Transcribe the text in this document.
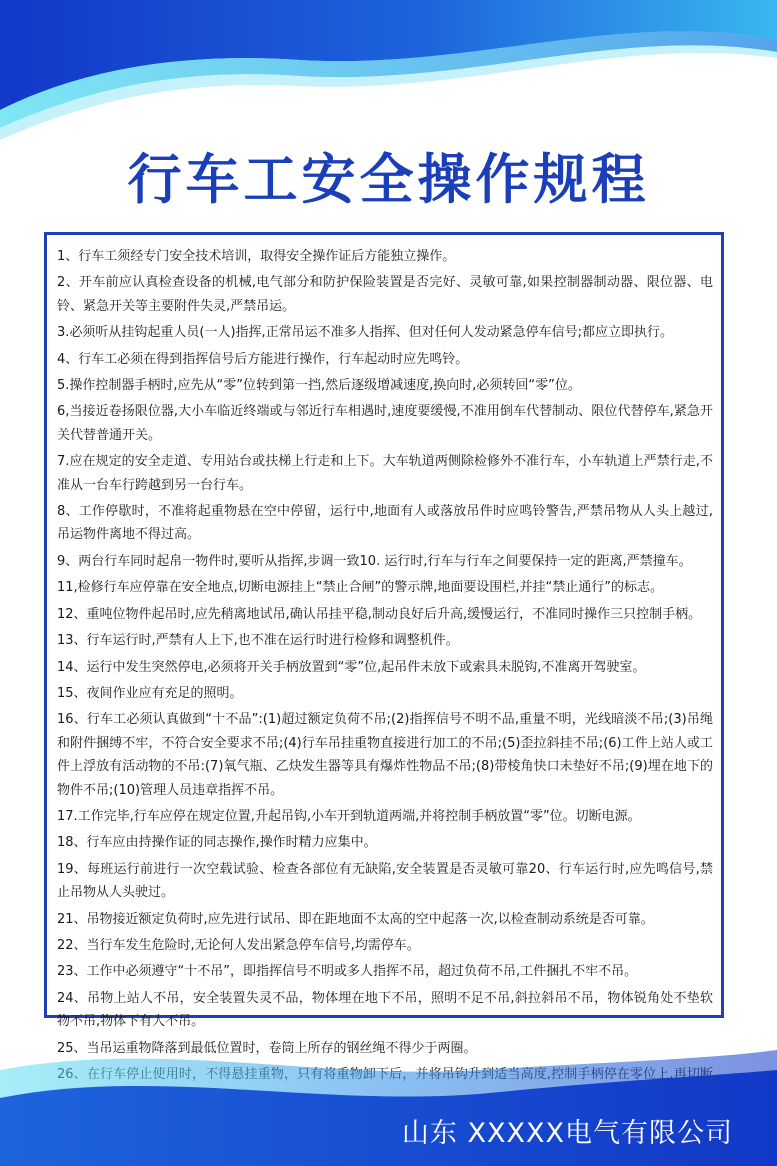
行车工安全操作规程

1、行车工须经专门安全技术培训，取得安全操作证后方能独立操作。

2、开车前应认真检查设备的机械,电气部分和防护保险装置是否完好、灵敏可靠,如果控制器制动器、限位器、电铃、紧急开关等主要附件失灵,严禁吊运。

3.必须听从挂钩起重人员(一人)指挥,正常吊运不准多人指挥、但对任何人发动紧急停车信号;都应立即执行。

4、行车工必须在得到指挥信号后方能进行操作，行车起动时应先鸣铃。

5.操作控制器手柄时,应先从“零”位转到第一挡,然后逐级增减速度,换向时,必须转回“零”位。

6,当接近卷扬限位器,大小车临近终端或与邻近行车相遇时,速度要缓慢,不准用倒车代替制动、限位代替停车,紧急开关代替普通开关。

7.应在规定的安全走道、专用站台或扶梯上行走和上下。大车轨道两侧除检修外不准行车，小车轨道上严禁行走,不准从一台车行跨越到另一台行车。

8、工作停歇时，不准将起重物悬在空中停留，运行中,地面有人或落放吊件时应鸣铃警告,严禁吊物从人头上越过,吊运物件离地不得过高。

9、两台行车同时起帛一物件时,要听从指挥,步调一致10. 运行时,行车与行车之间要保持一定的距离,严禁撞车。

11,检修行车应停靠在安全地点,切断电源挂上“禁止合闸”的警示牌,地面要设围栏,并挂“禁止通行”的标志。

12、重吨位物件起吊时,应先稍离地试吊,确认吊挂平稳,制动良好后升高,缓慢运行，不准同时操作三只控制手柄。

13、行车运行时,严禁有人上下,也不准在运行时进行检修和调整机件。

14、运行中发生突然停电,必须将开关手柄放置到“零”位,起吊件未放下或索具未脱钩,不准离开驾驶室。

15、夜间作业应有充足的照明。

16、行车工必须认真做到“十不品”:(1)超过额定负荷不吊;(2)指挥信号不明不品,重量不明，光线暗淡不吊;(3)吊绳和附件捆缚不牢，不符合安全要求不吊;(4)行车吊挂重物直接进行加工的不吊;(5)歪拉斜挂不吊;(6)工件上站人或工件上浮放有活动物的不吊:(7)氧气瓶、乙炔发生器等具有爆炸性物品不吊;(8)带棱角快口未垫好不吊;(9)埋在地下的物件不吊;(10)管理人员违章指挥不吊。

17.工作完毕,行车应停在规定位置,升起吊钩,小车开到轨道两端,并将控制手柄放置“零”位。切断电源。

18、行车应由持操作证的同志操作,操作时精力应集中。

19、每班运行前进行一次空载试验、检查各部位有无缺陷,安全装置是否灵敏可靠20、行车运行时,应先鸣信号,禁止吊物从人头驶过。

21、吊物接近额定负荷时,应先进行试吊、即在距地面不太高的空中起落一次,以检查制动系统是否可靠。

22、当行车发生危险时,无论何人发出紧急停车信号,均需停车。

23、工作中必须遵守“十不吊”，即指挥信号不明或多人指挥不吊，超过负荷不吊,工件捆扎不牢不吊。

24、吊物上站人不吊，安全装置失灵不品，物体埋在地下不吊，照明不足不吊,斜拉斜吊不吊，物体锐角处不垫软物不吊,物体下有人不吊。

25、当吊运重物降落到最低位置时，卷筒上所存的钢丝绳不得少于两圈。

山东 XXXXX电气有限公司
